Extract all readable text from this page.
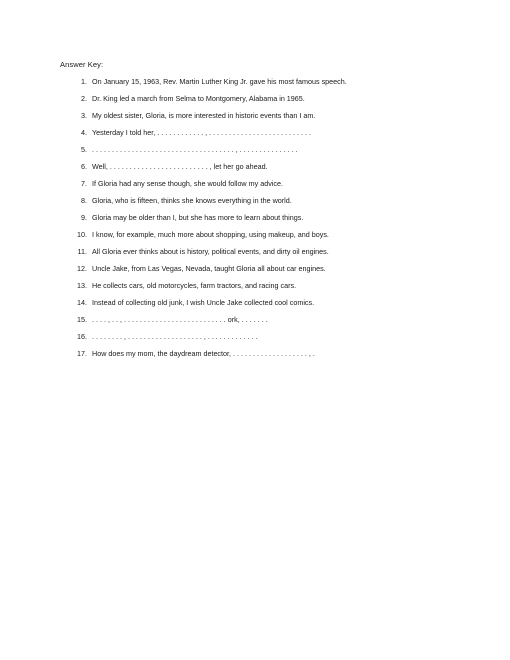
Answer Key:
1. On January 15, 1963, Rev. Martin Luther King Jr. gave his most famous speech.
2. Dr. King led a march from Selma to Montgomery, Alabama in 1965.
3. My oldest sister, Gloria, is more interested in historic events than I am.
4. Yesterday I told her, . . . . . . . . . . . . , . . . . . . . . . . . . . . . . . . . . . . . . . .
5. . . . . . . . . . . . . . . . . . . . . . . . . . . . . . . . . . . . . , . . . . . . . . . . . . . . .
6. Well, . . . . . . . . . . . . . . . . . . . . . . . . . , let her go ahead.
7. If Gloria had any sense though, she would follow my advice.
8. Gloria, who is fifteen, thinks she knows everything in the world.
9. Gloria may be older than I, but she has more to learn about things.
10. I know, for example, much more about shopping, using makeup, and boys.
11. All Gloria ever thinks about is history, political events, and dirty oil engines.
12. Uncle Jake, from Las Vegas, Nevada, taught Gloria all about car engines.
13. He collects cars, old motorcycles, farm tractors, and racing cars.
14. Instead of collecting old junk, I wish Uncle Jake collected cool comics.
15. . . . . , . . , . . . . . . . . . . . . . . . . . . . . . . . . . . ork, . . . . . . .
16. . . . . . . . . , . . . . . . . . . . . . . . . . . . . , . . . . . . . . . . . . .
17. How does my mom, the daydream detector, . . . . . . . . . . . . . . . . . . . , .
